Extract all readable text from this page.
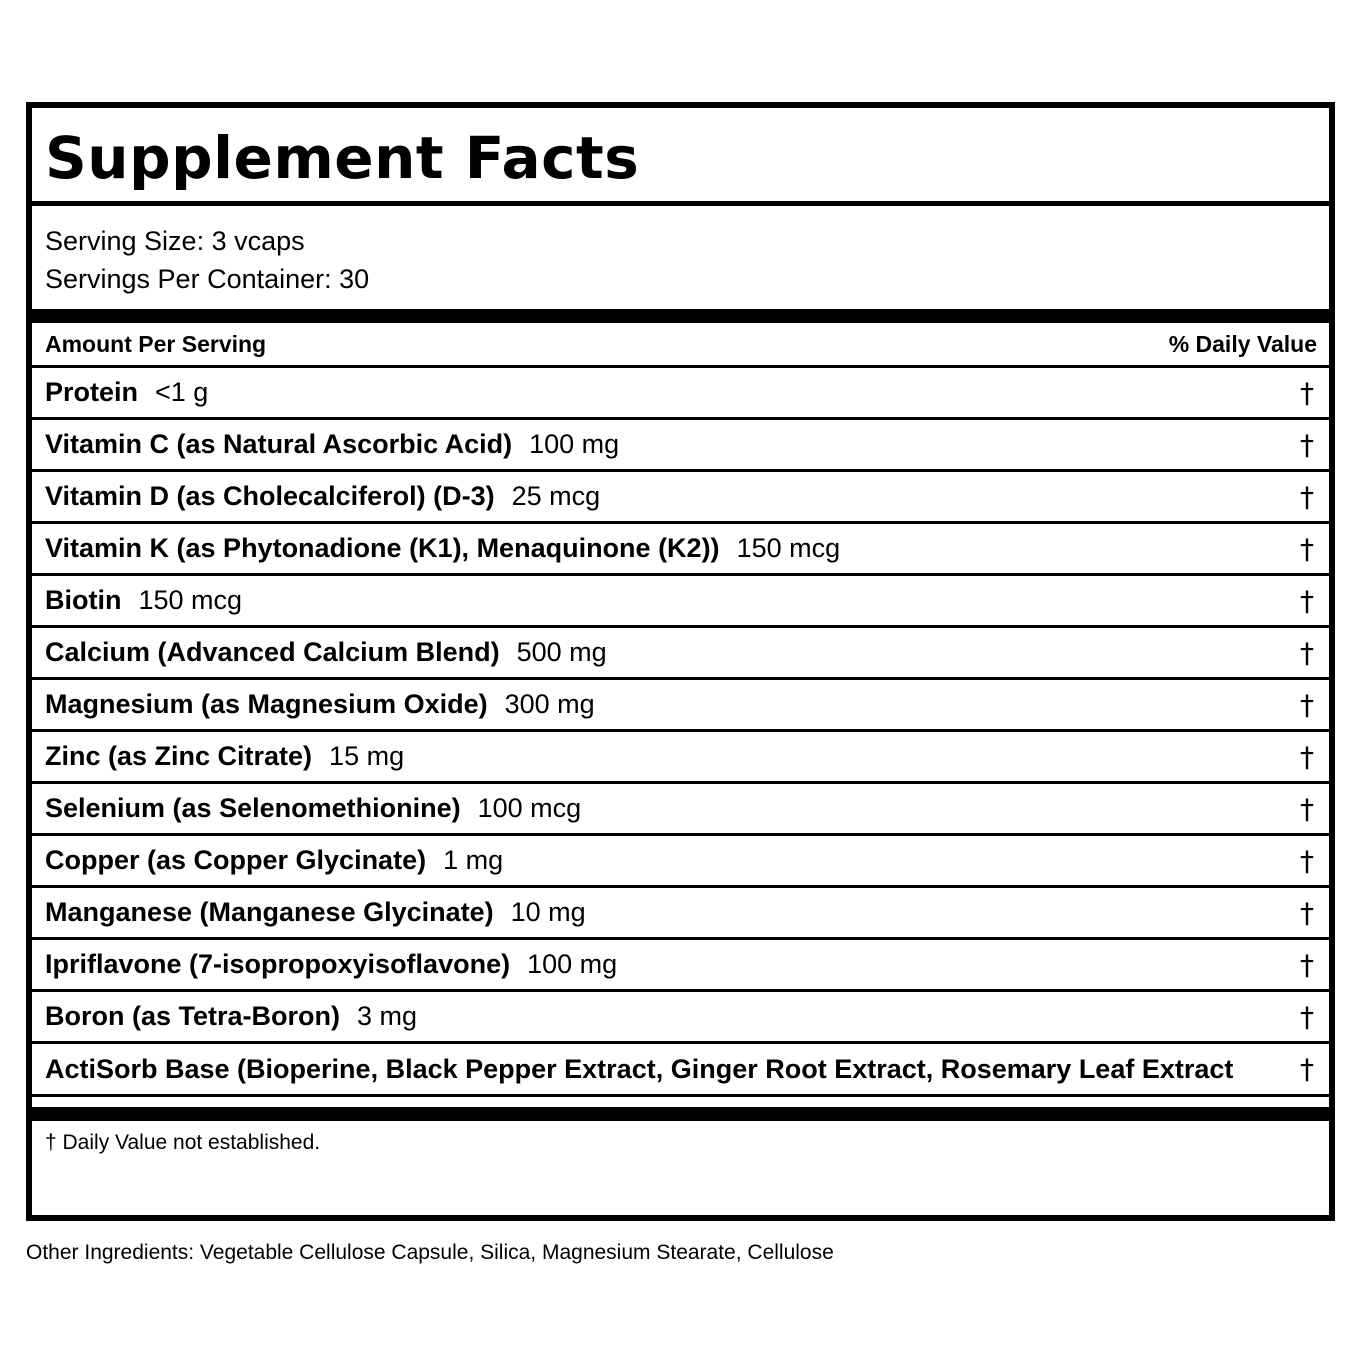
Supplement Facts
Serving Size: 3 vcaps
Servings Per Container: 30
Amount Per Serving	% Daily Value
Protein <1 g	†
Vitamin C (as Natural Ascorbic Acid) 100 mg	†
Vitamin D (as Cholecalciferol) (D-3) 25 mcg	†
Vitamin K (as Phytonadione (K1), Menaquinone (K2)) 150 mcg	†
Biotin 150 mcg	†
Calcium (Advanced Calcium Blend) 500 mg	†
Magnesium (as Magnesium Oxide) 300 mg	†
Zinc (as Zinc Citrate) 15 mg	†
Selenium (as Selenomethionine) 100 mcg	†
Copper (as Copper Glycinate) 1 mg	†
Manganese (Manganese Glycinate) 10 mg	†
Ipriflavone (7-isopropoxyisoflavone) 100 mg	†
Boron (as Tetra-Boron) 3 mg	†
ActiSorb Base (Bioperine, Black Pepper Extract, Ginger Root Extract, Rosemary Leaf Extract †
† Daily Value not established.
Other Ingredients: Vegetable Cellulose Capsule, Silica, Magnesium Stearate, Cellulose
